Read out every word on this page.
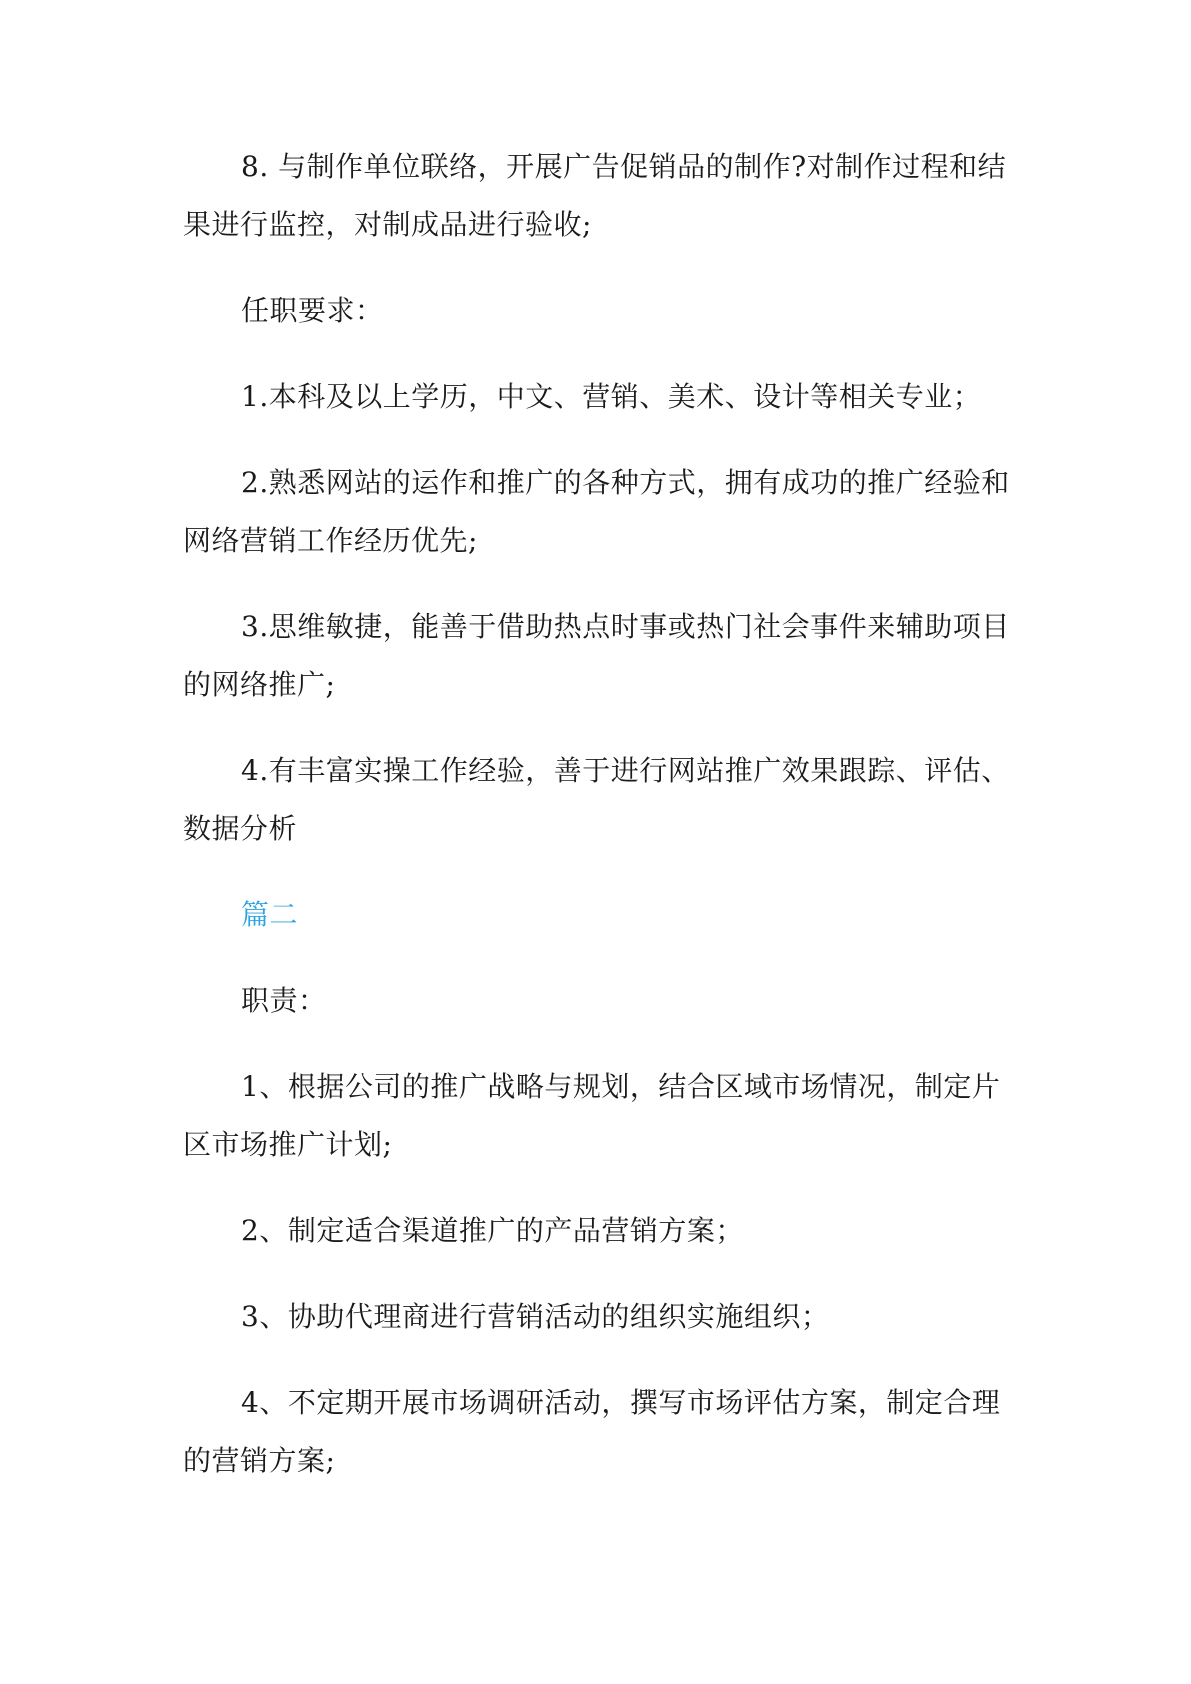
8. 与制作单位联络，开展广告促销品的制作?对制作过程和结果进行监控，对制成品进行验收;

任职要求：

1.本科及以上学历，中文、营销、美术、设计等相关专业；

2.熟悉网站的运作和推广的各种方式，拥有成功的推广经验和网络营销工作经历优先;

3.思维敏捷，能善于借助热点时事或热门社会事件来辅助项目的网络推广;

4.有丰富实操工作经验，善于进行网站推广效果跟踪、评估、数据分析

篇二

职责：

1、根据公司的推广战略与规划，结合区域市场情况，制定片区市场推广计划;

2、制定适合渠道推广的产品营销方案；

3、协助代理商进行营销活动的组织实施组织；

4、不定期开展市场调研活动，撰写市场评估方案，制定合理的营销方案;
